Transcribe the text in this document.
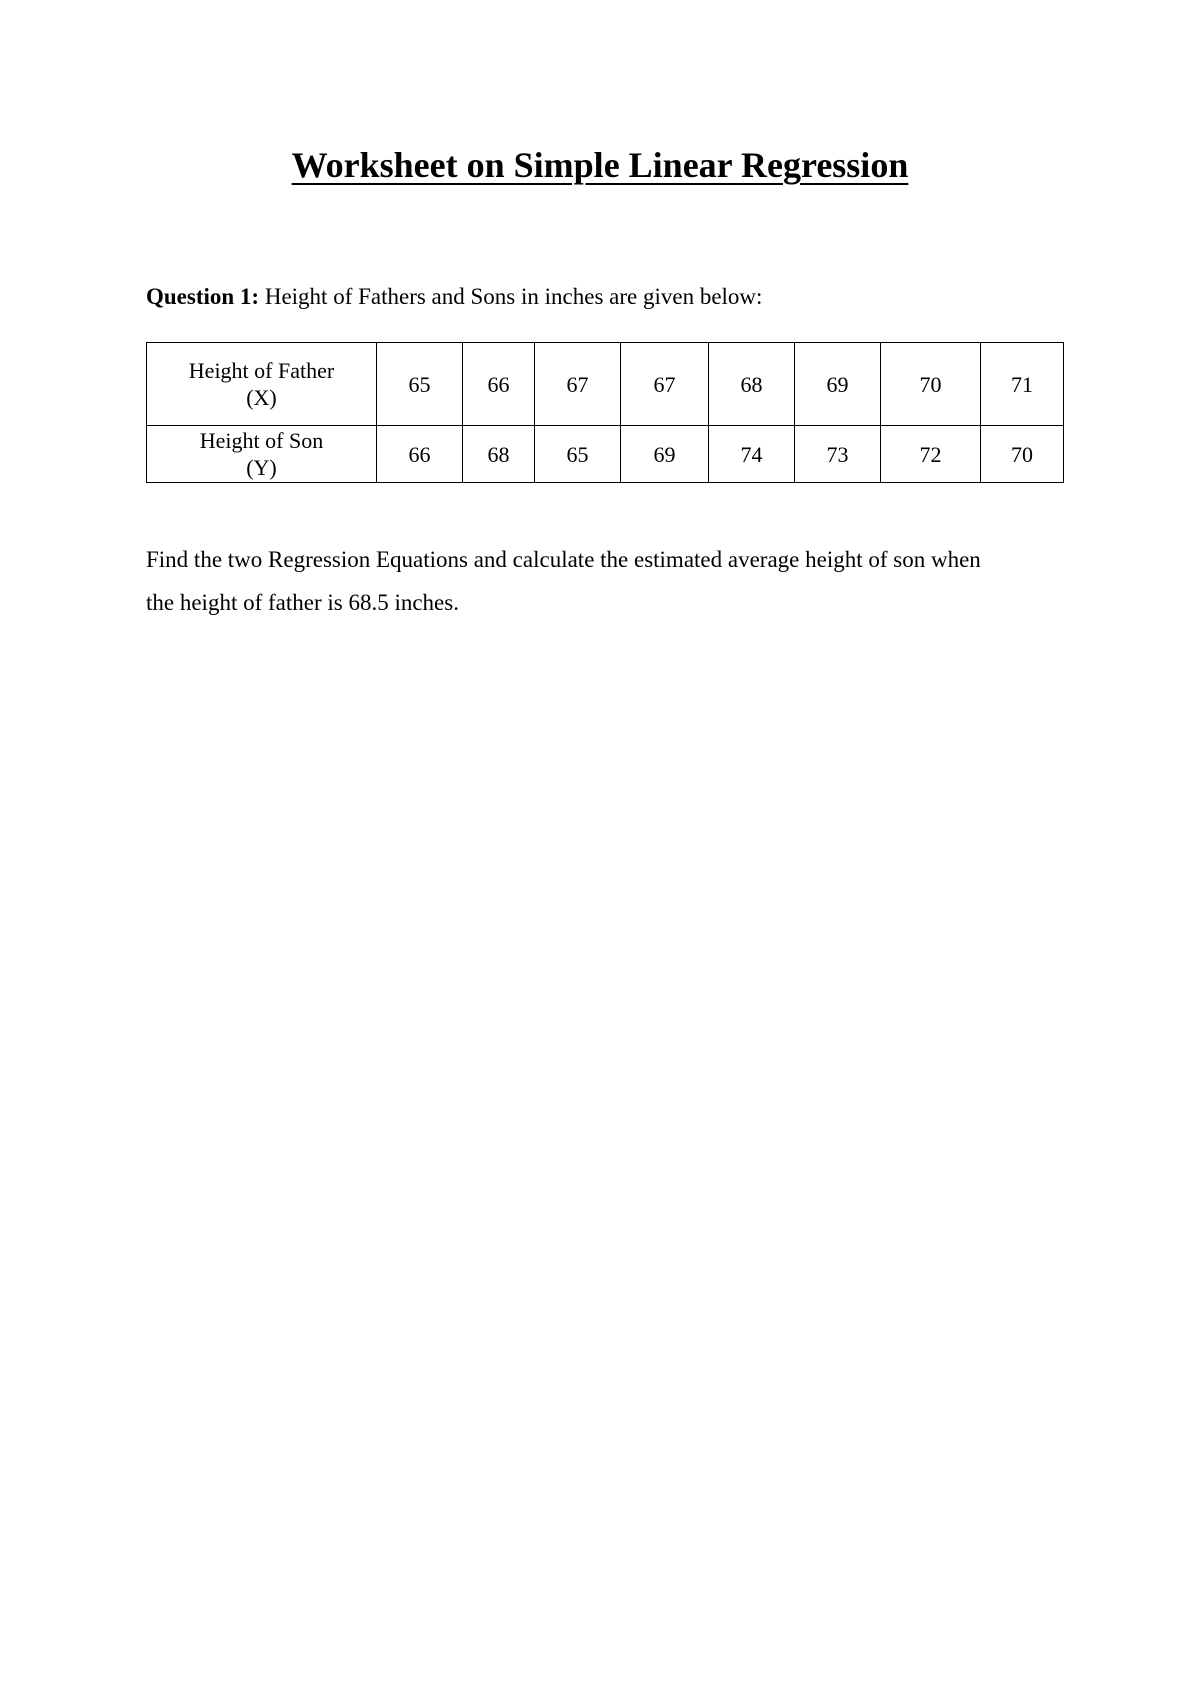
Worksheet on Simple Linear Regression
Question 1: Height of Fathers and Sons in inches are given below:
Height of Father
(X)	65	66	67	67	68	69	70	71

Height of Son
(Y)	66	68	65	69	74	73	72	70
Find the two Regression Equations and calculate the estimated average height of son when
the height of father is 68.5 inches.
